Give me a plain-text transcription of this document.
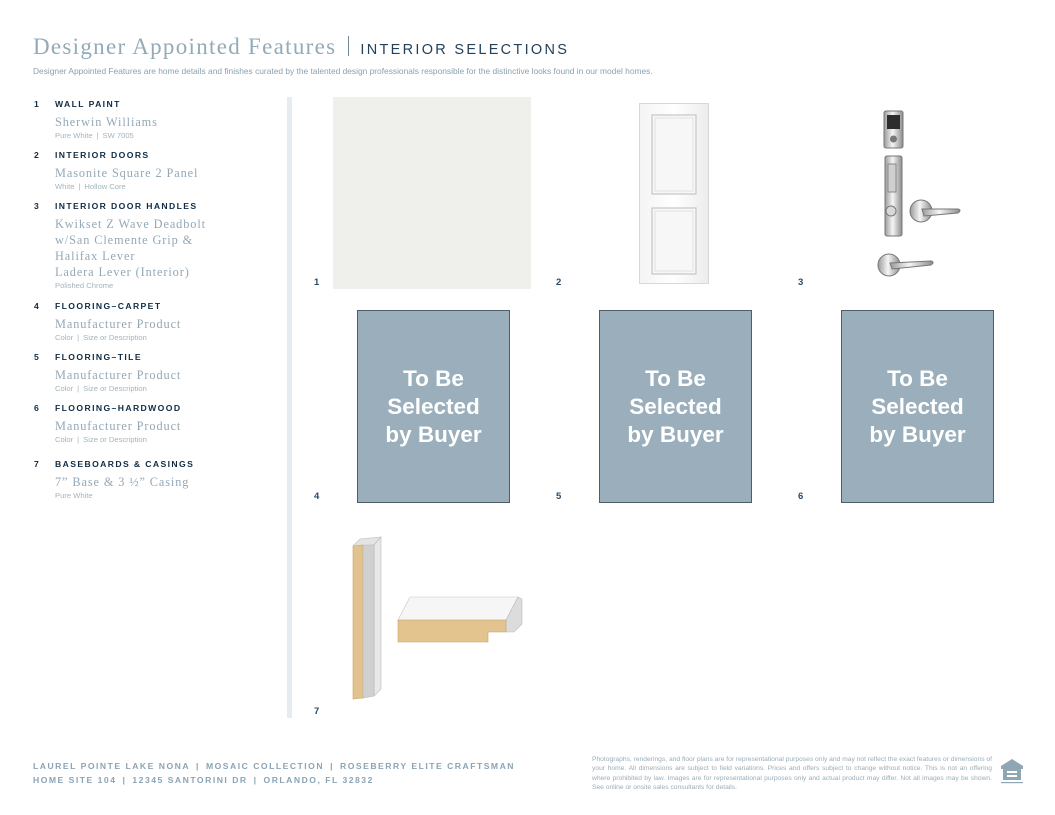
Designer Appointed Features INTERIOR SELECTIONS
Designer Appointed Features are home details and finishes curated by the talented design professionals responsible for the distinctive looks found in our model homes.
1	WALL PAINT
Sherwin Williams
Pure White | SW 7005
2	INTERIOR DOORS
Masonite Square 2 Panel
White | Hollow Core
3	INTERIOR DOOR HANDLES
Kwikset Z Wave Deadbolt
w/San Clemente Grip &
Halifax Lever
Ladera Lever (Interior)
Polished Chrome
4	FLOORING–CARPET
Manufacturer Product
Color | Size or Description
5	FLOORING–TILE
Manufacturer Product
Color | Size or Description
6	FLOORING–HARDWOOD
Manufacturer Product
Color | Size or Description
7	BASEBOARDS & CASINGS
7” Base & 3 ½” Casing
Pure White
1	2	3
To Be
Selected
by Buyer
4
To Be
Selected
by Buyer
5
To Be
Selected
by Buyer
6
7
LAUREL POINTE LAKE NONA | MOSAIC COLLECTION | ROSEBERRY ELITE CRAFTSMAN
HOME SITE 104 | 12345 SANTORINI DR | ORLANDO, FL 32832
Photographs, renderings, and floor plans are for representational purposes only and may not reflect the exact features or dimensions of your home. All dimensions are subject to field variations. Prices and offers subject to change without notice. This is not an offering where prohibited by law. Images are for representational purposes only and actual product may differ. Not all images may be shown. See online or onsite sales consultants for details.
